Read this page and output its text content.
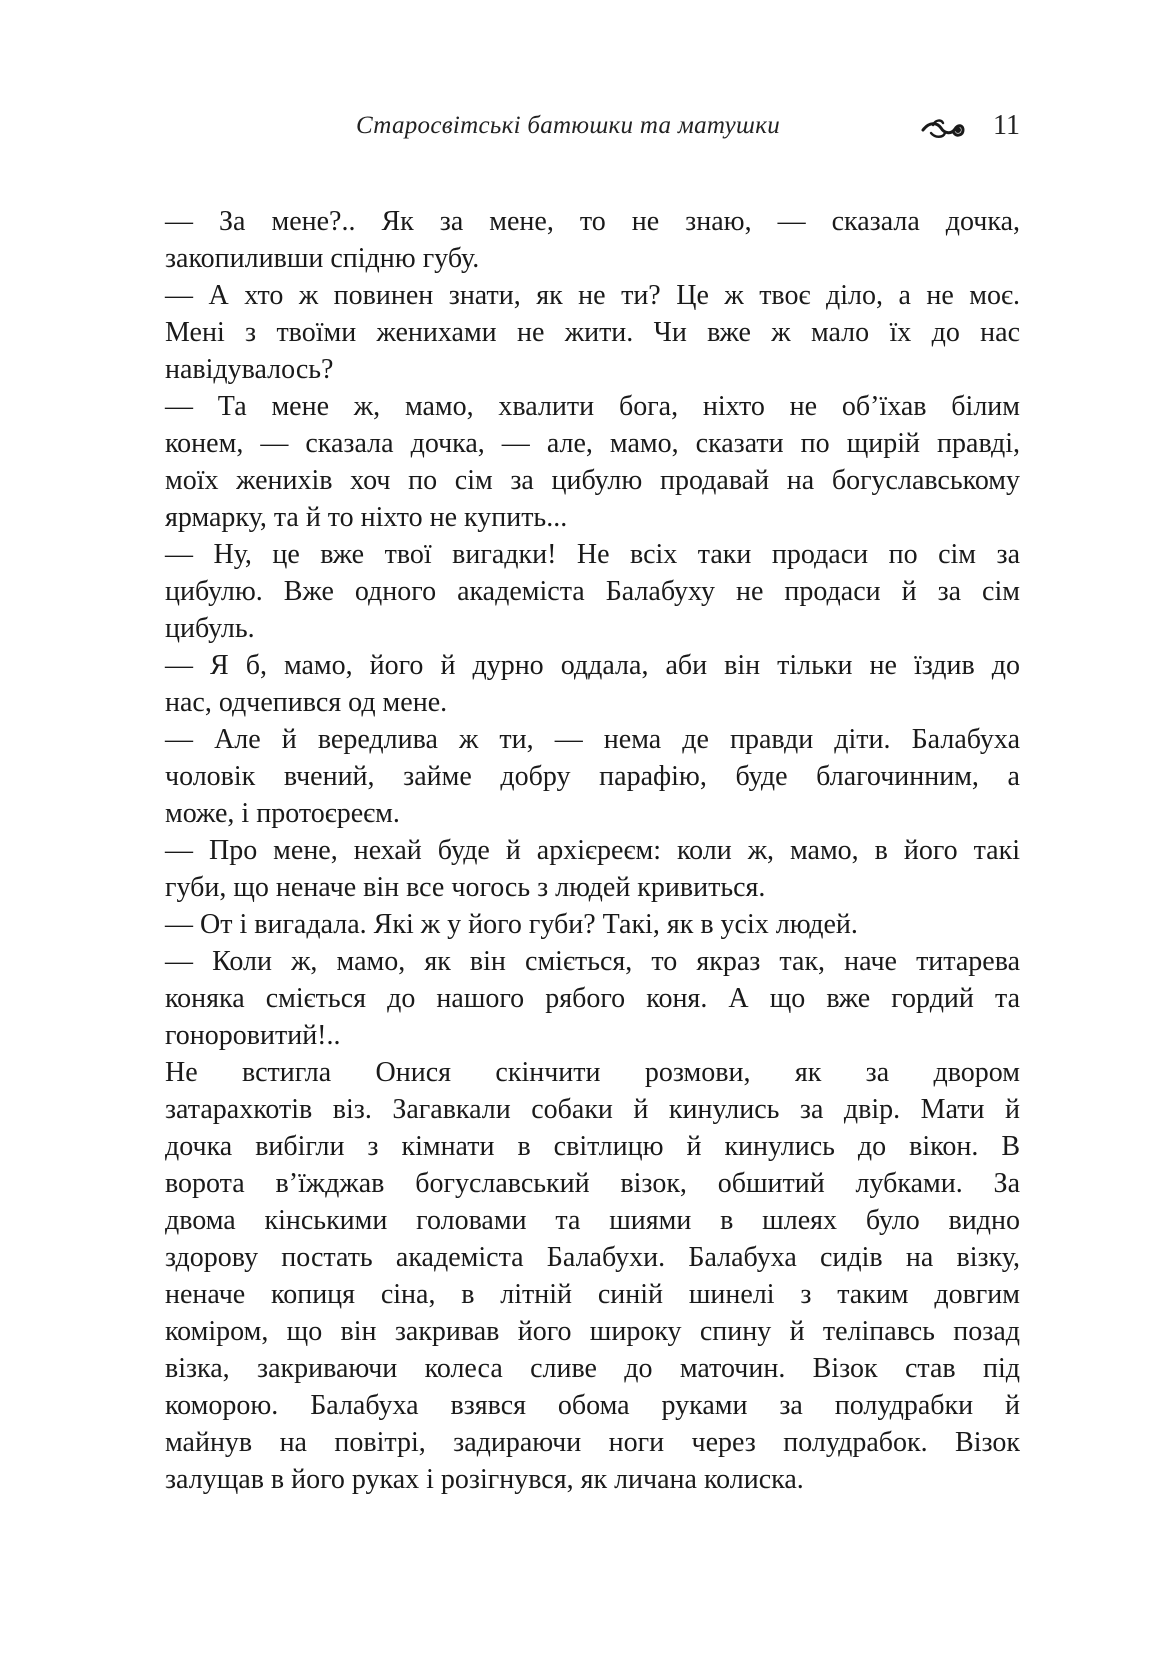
Старосвітські батюшки та матушки	11

— За мене?.. Як за мене, то не знаю, — сказала дочка,
закопиливши спідню губу.

— А хто ж повинен знати, як не ти? Це ж твоє діло, а не моє.
Мені з твоїми женихами не жити. Чи вже ж мало їх до нас
навідувалось?

— Та мене ж, мамо, хвалити бога, ніхто не об’їхав білим
конем, — сказала дочка, — але, мамо, сказати по щирій правді,
моїх женихів хоч по сім за цибулю продавай на богуславському
ярмарку, та й то ніхто не купить...

— Ну, це вже твої вигадки! Не всіх таки продаси по сім за
цибулю. Вже одного академіста Балабуху не продаси й за сім
цибуль.

— Я б, мамо, його й дурно оддала, аби він тільки не їздив до
нас, одчепився од мене.

— Але й вередлива ж ти, — нема де правди діти. Балабуха
чоловік вчений, займе добру парафію, буде благочинним, а
може, і протоєреєм.

— Про мене, нехай буде й архієреєм: коли ж, мамо, в його такі
губи, що неначе він все чогось з людей кривиться.

— От і вигадала. Які ж у його губи? Такі, як в усіх людей.

— Коли ж, мамо, як він сміється, то якраз так, наче титарева
коняка сміється до нашого рябого коня. А що вже гордий та
гоноровитий!..

Не встигла Онися скінчити розмови, як за двором
затарахкотів віз. Загавкали собаки й кинулись за двір. Мати й
дочка вибігли з кімнати в світлицю й кинулись до вікон. В
ворота в’їжджав богуславський візок, обшитий лубками. За
двома кінськими головами та шиями в шлеях було видно
здорову постать академіста Балабухи. Балабуха сидів на візку,
неначе копиця сіна, в літній синій шинелі з таким довгим
коміром, що він закривав його широку спину й теліпавсь позад
візка, закриваючи колеса сливе до маточин. Візок став під
коморою. Балабуха взявся обома руками за полудрабки й
майнув на повітрі, задираючи ноги через полудрабок. Візок
залущав в його руках і розігнувся, як личана колиска.
